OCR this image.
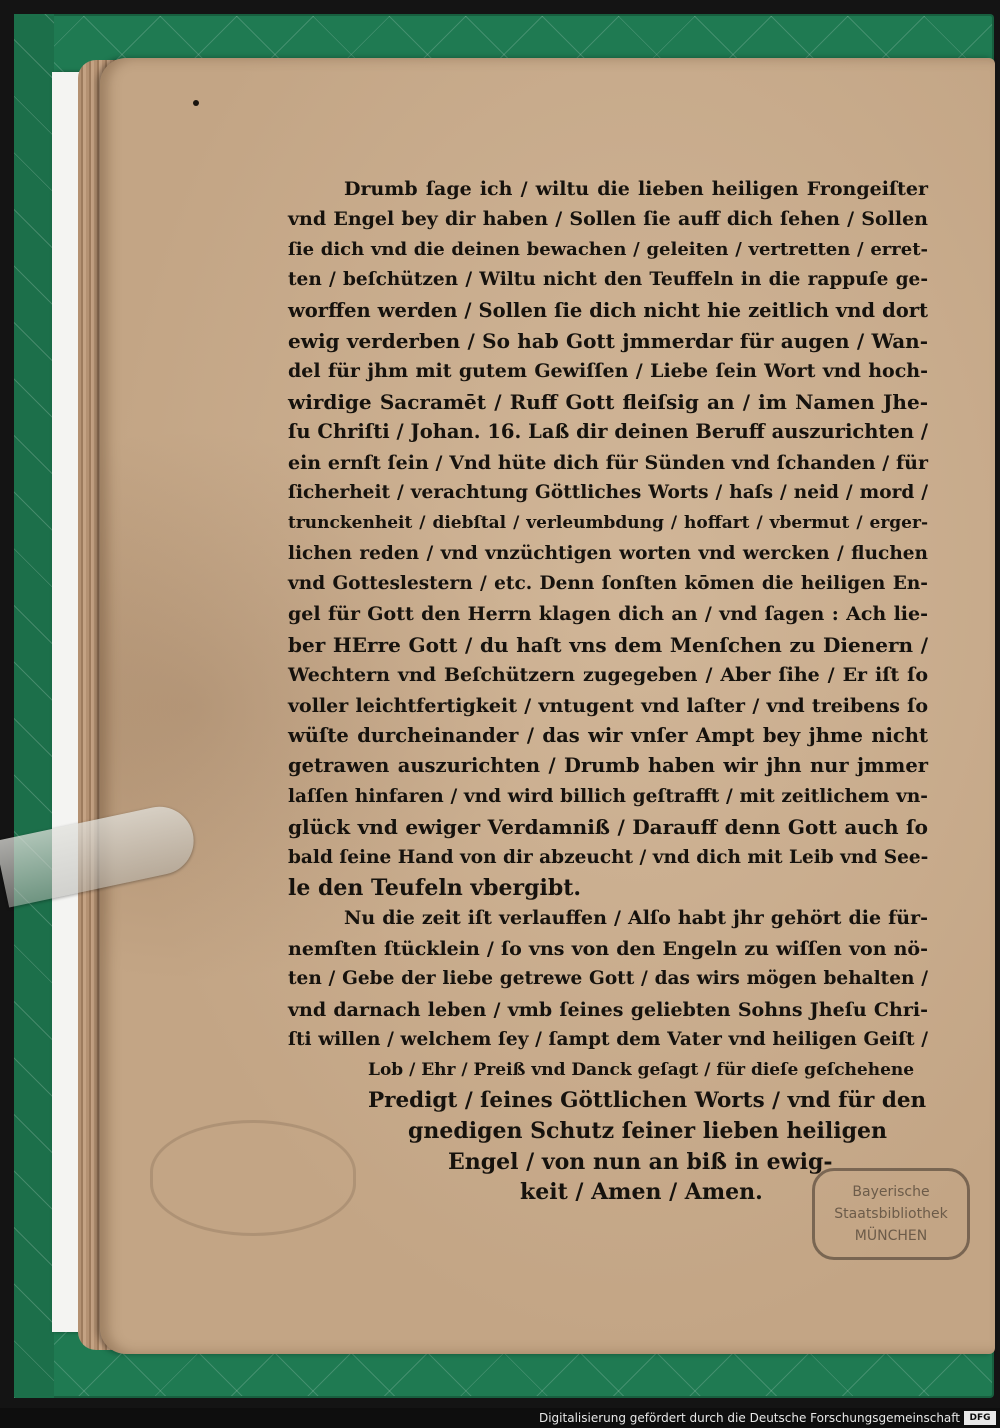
Drumb ſage ich / wiltu die lieben heiligen Frongeiſter
vnd Engel bey dir haben / Sollen ſie auff dich ſehen / Sollen
ſie dich vnd die deinen bewachen / geleiten / vertretten / erret-
ten / beſchützen / Wiltu nicht den Teuffeln in die rappuſe ge-
worffen werden / Sollen ſie dich nicht hie zeitlich vnd dort
ewig verderben / So hab Gott jmmerdar für augen / Wan-
del für jhm mit gutem Gewiſſen / Liebe ſein Wort vnd hoch-
wirdige Sacramēt / Ruff Gott fleiſsig an / im Namen Jhe-
ſu Chriſti / Johan. 16. Laß dir deinen Beruff auszurichten /
ein ernſt ſein / Vnd hüte dich für Sünden vnd ſchanden / für
ſicherheit / verachtung Göttliches Worts / haſs / neid / mord /
trunckenheit / diebſtal / verleumbdung / hoffart / vbermut / erger-
lichen reden / vnd vnzüchtigen worten vnd wercken / fluchen
vnd Gotteslestern / etc. Denn ſonſten kōmen die heiligen En-
gel für Gott den Herrn klagen dich an / vnd ſagen : Ach lie-
ber HErre Gott / du haſt vns dem Menſchen zu Dienern /
Wechtern vnd Beſchützern zugegeben / Aber ſihe / Er iſt ſo
voller leichtfertigkeit / vntugent vnd laſter / vnd treibens ſo
wüſte durcheinander / das wir vnſer Ampt bey jhme nicht
getrawen auszurichten / Drumb haben wir jhn nur jmmer
laſſen hinfaren / vnd wird billich geſtrafft / mit zeitlichem vn-
glück vnd ewiger Verdamniß / Darauff denn Gott auch ſo
bald ſeine Hand von dir abzeucht / vnd dich mit Leib vnd See-
le den Teufeln vbergibt.
Nu die zeit iſt verlauffen / Alſo habt jhr gehört die für-
nemſten ſtücklein / ſo vns von den Engeln zu wiſſen von nö-
ten / Gebe der liebe getrewe Gott / das wirs mögen behalten /
vnd darnach leben / vmb ſeines geliebten Sohns Jheſu Chri-
ſti willen / welchem ſey / ſampt dem Vater vnd heiligen Geiſt /
Lob / Ehr / Preiß vnd Danck geſagt / für dieſe geſchehene
Predigt / ſeines Göttlichen Worts / vnd für den
gnedigen Schutz ſeiner lieben heiligen
Engel / von nun an biß in ewig-
keit / Amen / Amen.	Bayerische
Staatsbibliothek
MÜNCHEN
Digitalisierung gefördert durch die Deutsche Forschungsgemeinschaft	DFG
